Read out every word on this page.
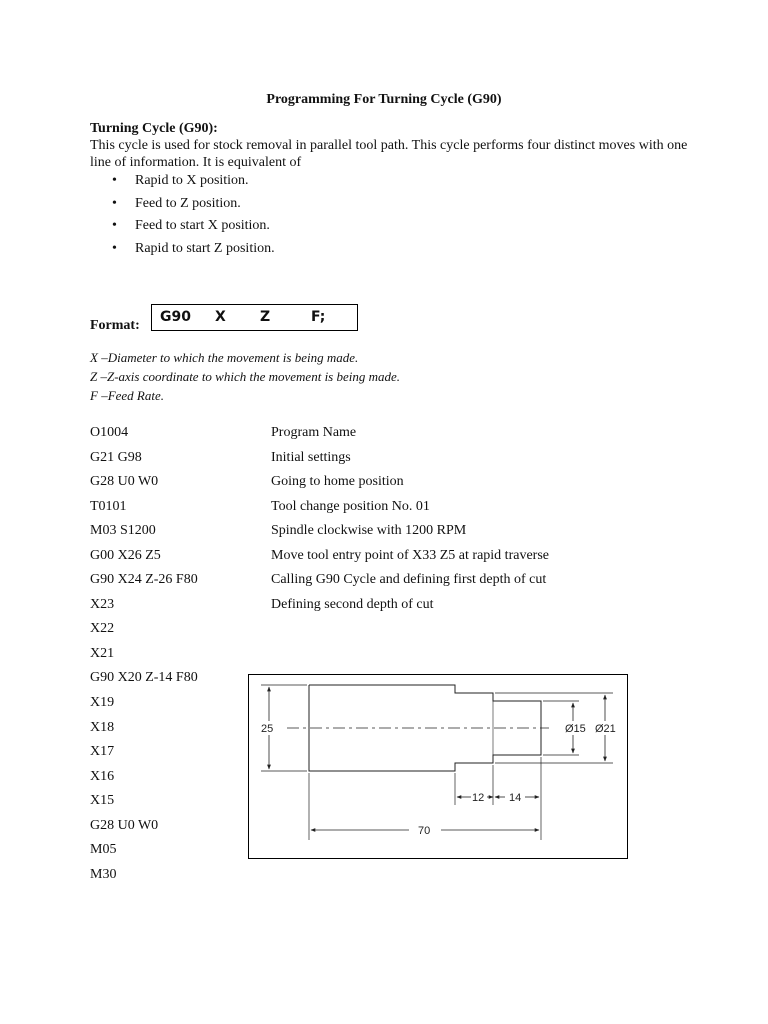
Programming For Turning Cycle (G90)
Turning Cycle (G90):
This cycle is used for stock removal in parallel tool path. This cycle performs four distinct moves with one line of information. It is equivalent of
• Rapid to X position.
• Feed to Z position.
• Feed to start X position.
• Rapid to start Z position.
Format:
G90 X Z	F;
X –Diameter to which the movement is being made.
Z –Z-axis coordinate to which the movement is being made.
F –Feed Rate.
O1004	Program Name
G21 G98	Initial settings
G28 U0 W0	Going to home position
T0101	Tool change position No. 01
M03 S1200	Spindle clockwise with 1200 RPM
G00 X26 Z5	Move tool entry point of X33 Z5 at rapid traverse
G90 X24 Z-26 F80	Calling G90 Cycle and defining first depth of cut
X23	Defining second depth of cut
X22
X21
G90 X20 Z-14 F80
X19
X18
X17
X16
X15
G28 U0 W0
M05
M30
25	Ø15 Ø21
12 14
70
